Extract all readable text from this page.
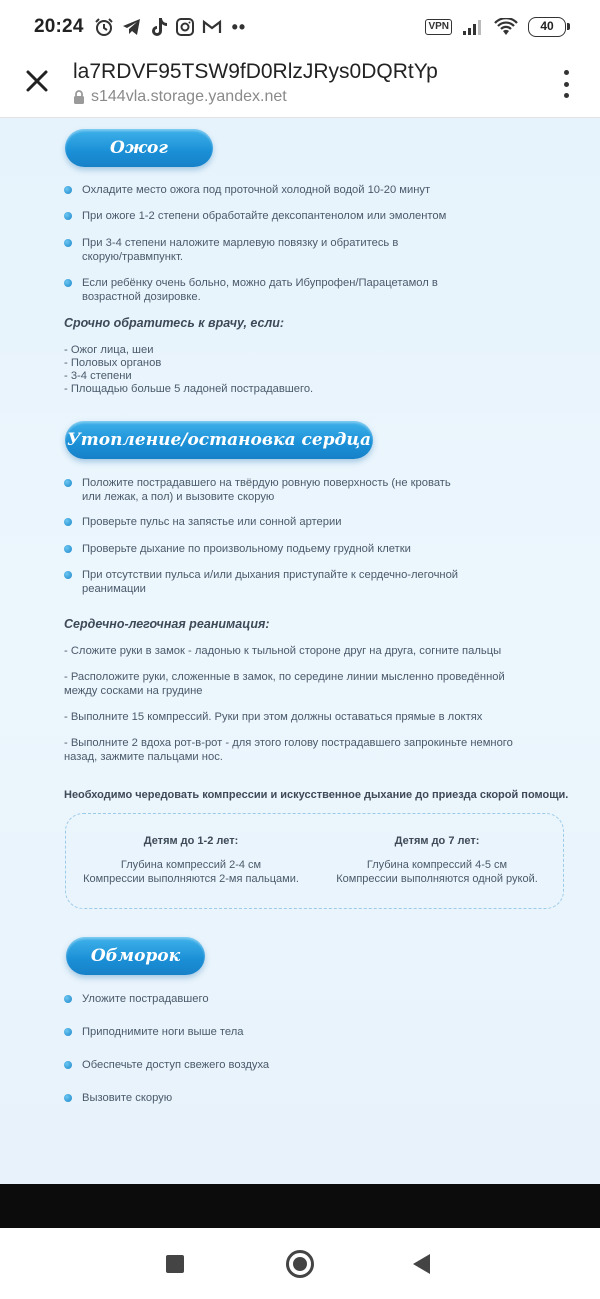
20:24	••	VPN	40
la7RDVF95TSW9fD0RlzJRys0DQRtYp
s144vla.storage.yandex.net
Ожог
Охладите место ожога под проточной холодной водой 10-20 минут
При ожоге 1-2 степени обработайте дексопантенолом или эмолентом
При 3-4 степени наложите марлевую повязку и обратитесь в скорую/травмпункт.
Если ребёнку очень больно, можно дать Ибупрофен/Парацетамол в возрастной дозировке.
Срочно обратитесь к врачу, если:
- Ожог лица, шеи
- Половых органов
- 3-4 степени
- Площадью больше 5 ладоней пострадавшего.
Утопление/остановка сердца
Положите пострадавшего на твёрдую ровную поверхность (не кровать или лежак, а пол) и вызовите скорую
Проверьте пульс на запястье или сонной артерии
Проверьте дыхание по произвольному подьему грудной клетки
При отсутствии пульса и/или дыхания приступайте к сердечно-легочной реанимации
Сердечно-легочная реанимация:
- Сложите руки в замок - ладонью к тыльной стороне друг на друга, согните пальцы
- Расположите руки, сложенные в замок, по середине линии мысленно проведённой между сосками на грудине
- Выполните 15 компрессий. Руки при этом должны оставаться прямые в локтях
- Выполните 2 вдоха рот-в-рот - для этого голову пострадавшего запрокиньте немного назад, зажмите пальцами нос.
Необходимо чередовать компрессии и искусственное дыхание до приезда скорой помощи.
Детям до 1-2 лет:

Глубина компрессий 2-4 см
Компрессии выполняются 2-мя пальцами.

Детям до 7 лет:

Глубина компрессий 4-5 см
Компрессии выполняются одной рукой.

Обморок
Уложите пострадавшего
Приподнимите ноги выше тела
Обеспечьте доступ свежего воздуха
Вызовите скорую
